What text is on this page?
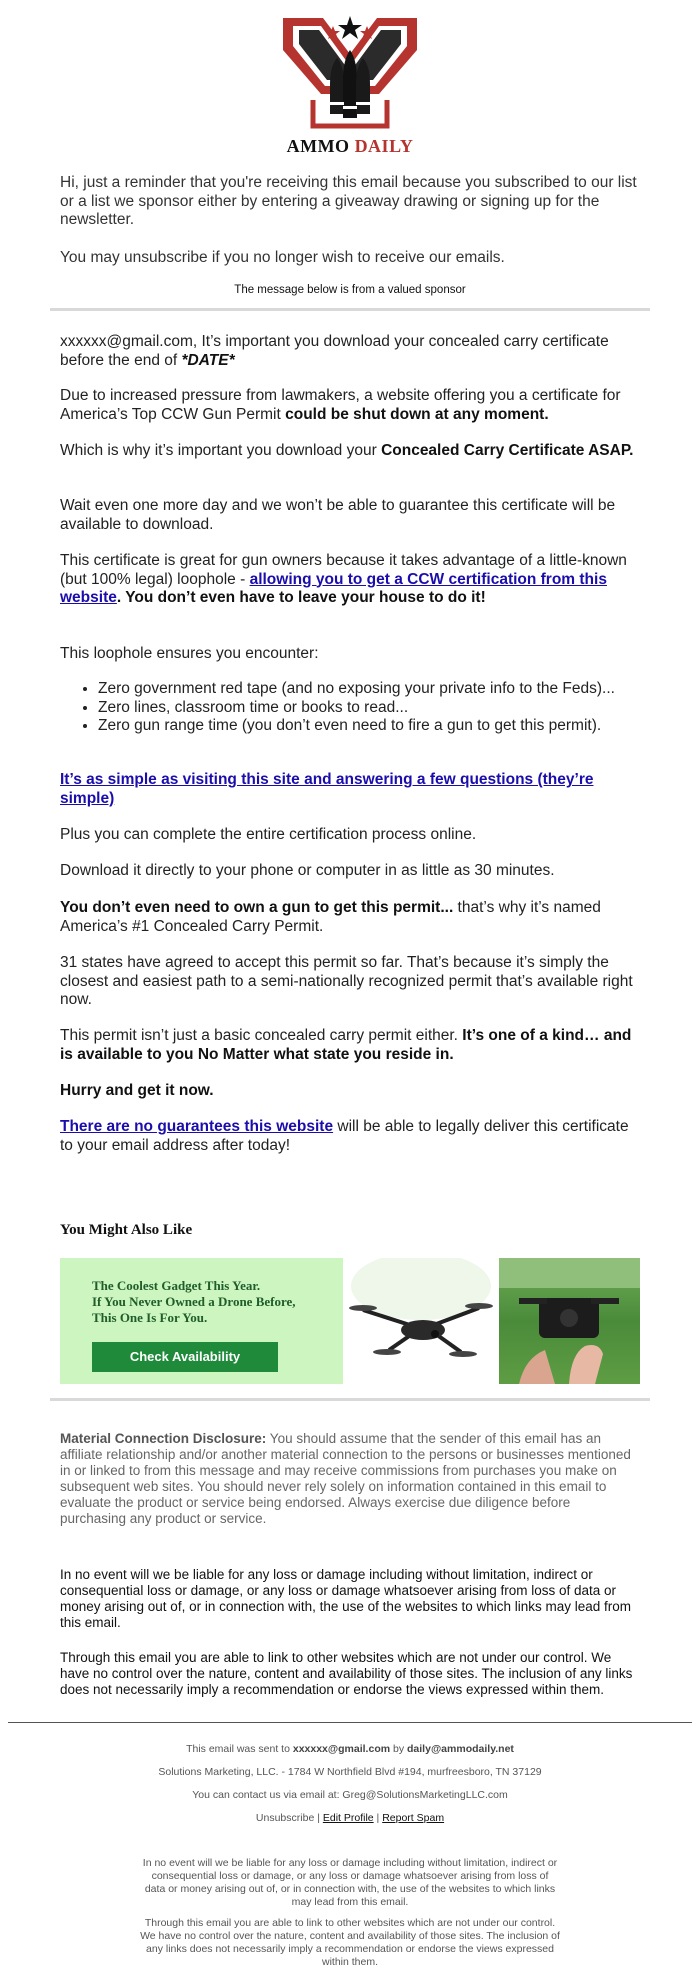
AMMO DAILY
Hi, just a reminder that you're receiving this email because you subscribed to our list or a list we sponsor either by entering a giveaway drawing or signing up for the newsletter.
You may unsubscribe if you no longer wish to receive our emails.
The message below is from a valued sponsor
xxxxxx@gmail.com, It’s important you download your concealed carry certificate before the end of *DATE*
Due to increased pressure from lawmakers, a website offering you a certificate for America’s Top CCW Gun Permit could be shut down at any moment.
Which is why it’s important you download your Concealed Carry Certificate ASAP.
Wait even one more day and we won’t be able to guarantee this certificate will be available to download.
This certificate is great for gun owners because it takes advantage of a little-known (but 100% legal) loophole - allowing you to get a CCW certification from this website. You don’t even have to leave your house to do it!
This loophole ensures you encounter:
• Zero government red tape (and no exposing your private info to the Feds)...
• Zero lines, classroom time or books to read...
• Zero gun range time (you don’t even need to fire a gun to get this permit).
It’s as simple as visiting this site and answering a few questions (they’re simple)
Plus you can complete the entire certification process online.
Download it directly to your phone or computer in as little as 30 minutes.
You don’t even need to own a gun to get this permit... that’s why it’s named America’s #1 Concealed Carry Permit.
31 states have agreed to accept this permit so far. That’s because it’s simply the closest and easiest path to a semi-nationally recognized permit that’s available right now.
This permit isn’t just a basic concealed carry permit either. It’s one of a kind… and is available to you No Matter what state you reside in.
Hurry and get it now.
There are no guarantees this website will be able to legally deliver this certificate to your email address after today!
You Might Also Like
The Coolest Gadget This Year.
If You Never Owned a Drone Before,
This One Is For You.
Check Availability
Material Connection Disclosure: You should assume that the sender of this email has an affiliate relationship and/or another material connection to the persons or businesses mentioned in or linked to from this message and may receive commissions from purchases you make on subsequent web sites. You should never rely solely on information contained in this email to evaluate the product or service being endorsed. Always exercise due diligence before purchasing any product or service.
In no event will we be liable for any loss or damage including without limitation, indirect or consequential loss or damage, or any loss or damage whatsoever arising from loss of data or money arising out of, or in connection with, the use of the websites to which links may lead from this email.
Through this email you are able to link to other websites which are not under our control. We have no control over the nature, content and availability of those sites. The inclusion of any links does not necessarily imply a recommendation or endorse the views expressed within them.
This email was sent to xxxxxx@gmail.com by daily@ammodaily.net
Solutions Marketing, LLC. - 1784 W Northfield Blvd #194, murfreesboro, TN 37129
You can contact us via email at: Greg@SolutionsMarketingLLC.com
Unsubscribe | Edit Profile | Report Spam
In no event will we be liable for any loss or damage including without limitation, indirect or consequential loss or damage, or any loss or damage whatsoever arising from loss of data or money arising out of, or in connection with, the use of the websites to which links may lead from this email.
Through this email you are able to link to other websites which are not under our control. We have no control over the nature, content and availability of those sites. The inclusion of any links does not necessarily imply a recommendation or endorse the views expressed within them.
